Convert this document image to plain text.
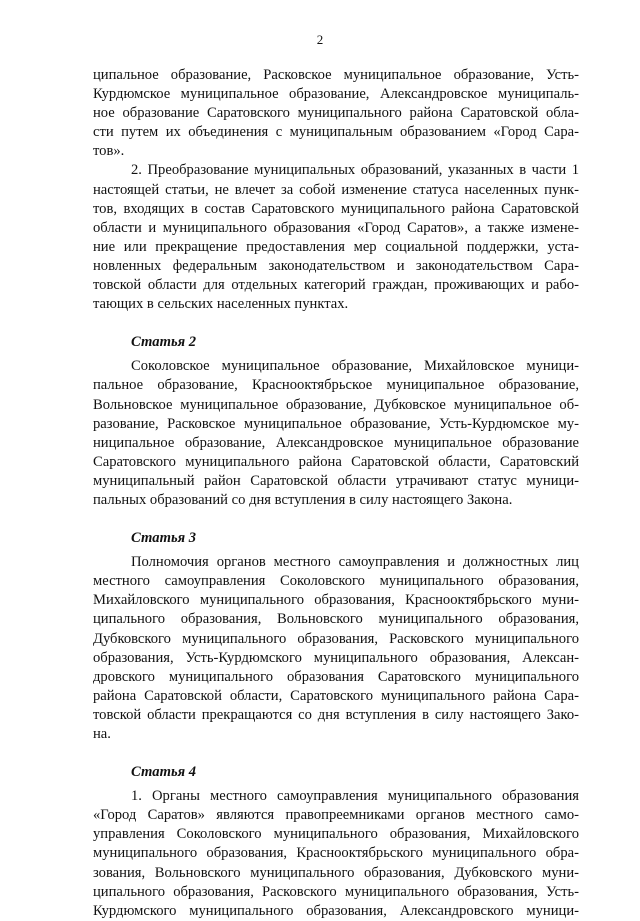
2

ципальное образование, Расковское муниципальное образование, Усть-
Курдюмское муниципальное образование, Александровское муниципаль-
ное образование Саратовского муниципального района Саратовской обла-
сти путем их объединения с муниципальным образованием «Город Сара-
тов».

2. Преобразование муниципальных образований, указанных в части 1
настоящей статьи, не влечет за собой изменение статуса населенных пунк-
тов, входящих в состав Саратовского муниципального района Саратовской
области и муниципального образования «Город Саратов», а также измене-
ние или прекращение предоставления мер социальной поддержки, уста-
новленных федеральным законодательством и законодательством Сара-
товской области для отдельных категорий граждан, проживающих и рабо-
тающих в сельских населенных пунктах.

Статья 2

Соколовское муниципальное образование, Михайловское муници-
пальное образование, Краснооктябрьское муниципальное образование,
Вольновское муниципальное образование, Дубковское муниципальное об-
разование, Расковское муниципальное образование, Усть-Курдюмское му-
ниципальное образование, Александровское муниципальное образование
Саратовского муниципального района Саратовской области, Саратовский
муниципальный район Саратовской области утрачивают статус муници-
пальных образований со дня вступления в силу настоящего Закона.

Статья 3

Полномочия органов местного самоуправления и должностных лиц
местного самоуправления Соколовского муниципального образования,
Михайловского муниципального образования, Краснооктябрьского муни-
ципального образования, Вольновского муниципального образования,
Дубковского муниципального образования, Расковского муниципального
образования, Усть-Курдюмского муниципального образования, Алексан-
дровского муниципального образования Саратовского муниципального
района Саратовской области, Саратовского муниципального района Сара-
товской области прекращаются со дня вступления в силу настоящего Зако-
на.

Статья 4

1. Органы местного самоуправления муниципального образования
«Город Саратов» являются правопреемниками органов местного само-
управления Соколовского муниципального образования, Михайловского
муниципального образования, Краснооктябрьского муниципального обра-
зования, Вольновского муниципального образования, Дубковского муни-
ципального образования, Расковского муниципального образования, Усть-
Курдюмского муниципального образования, Александровского муници-
